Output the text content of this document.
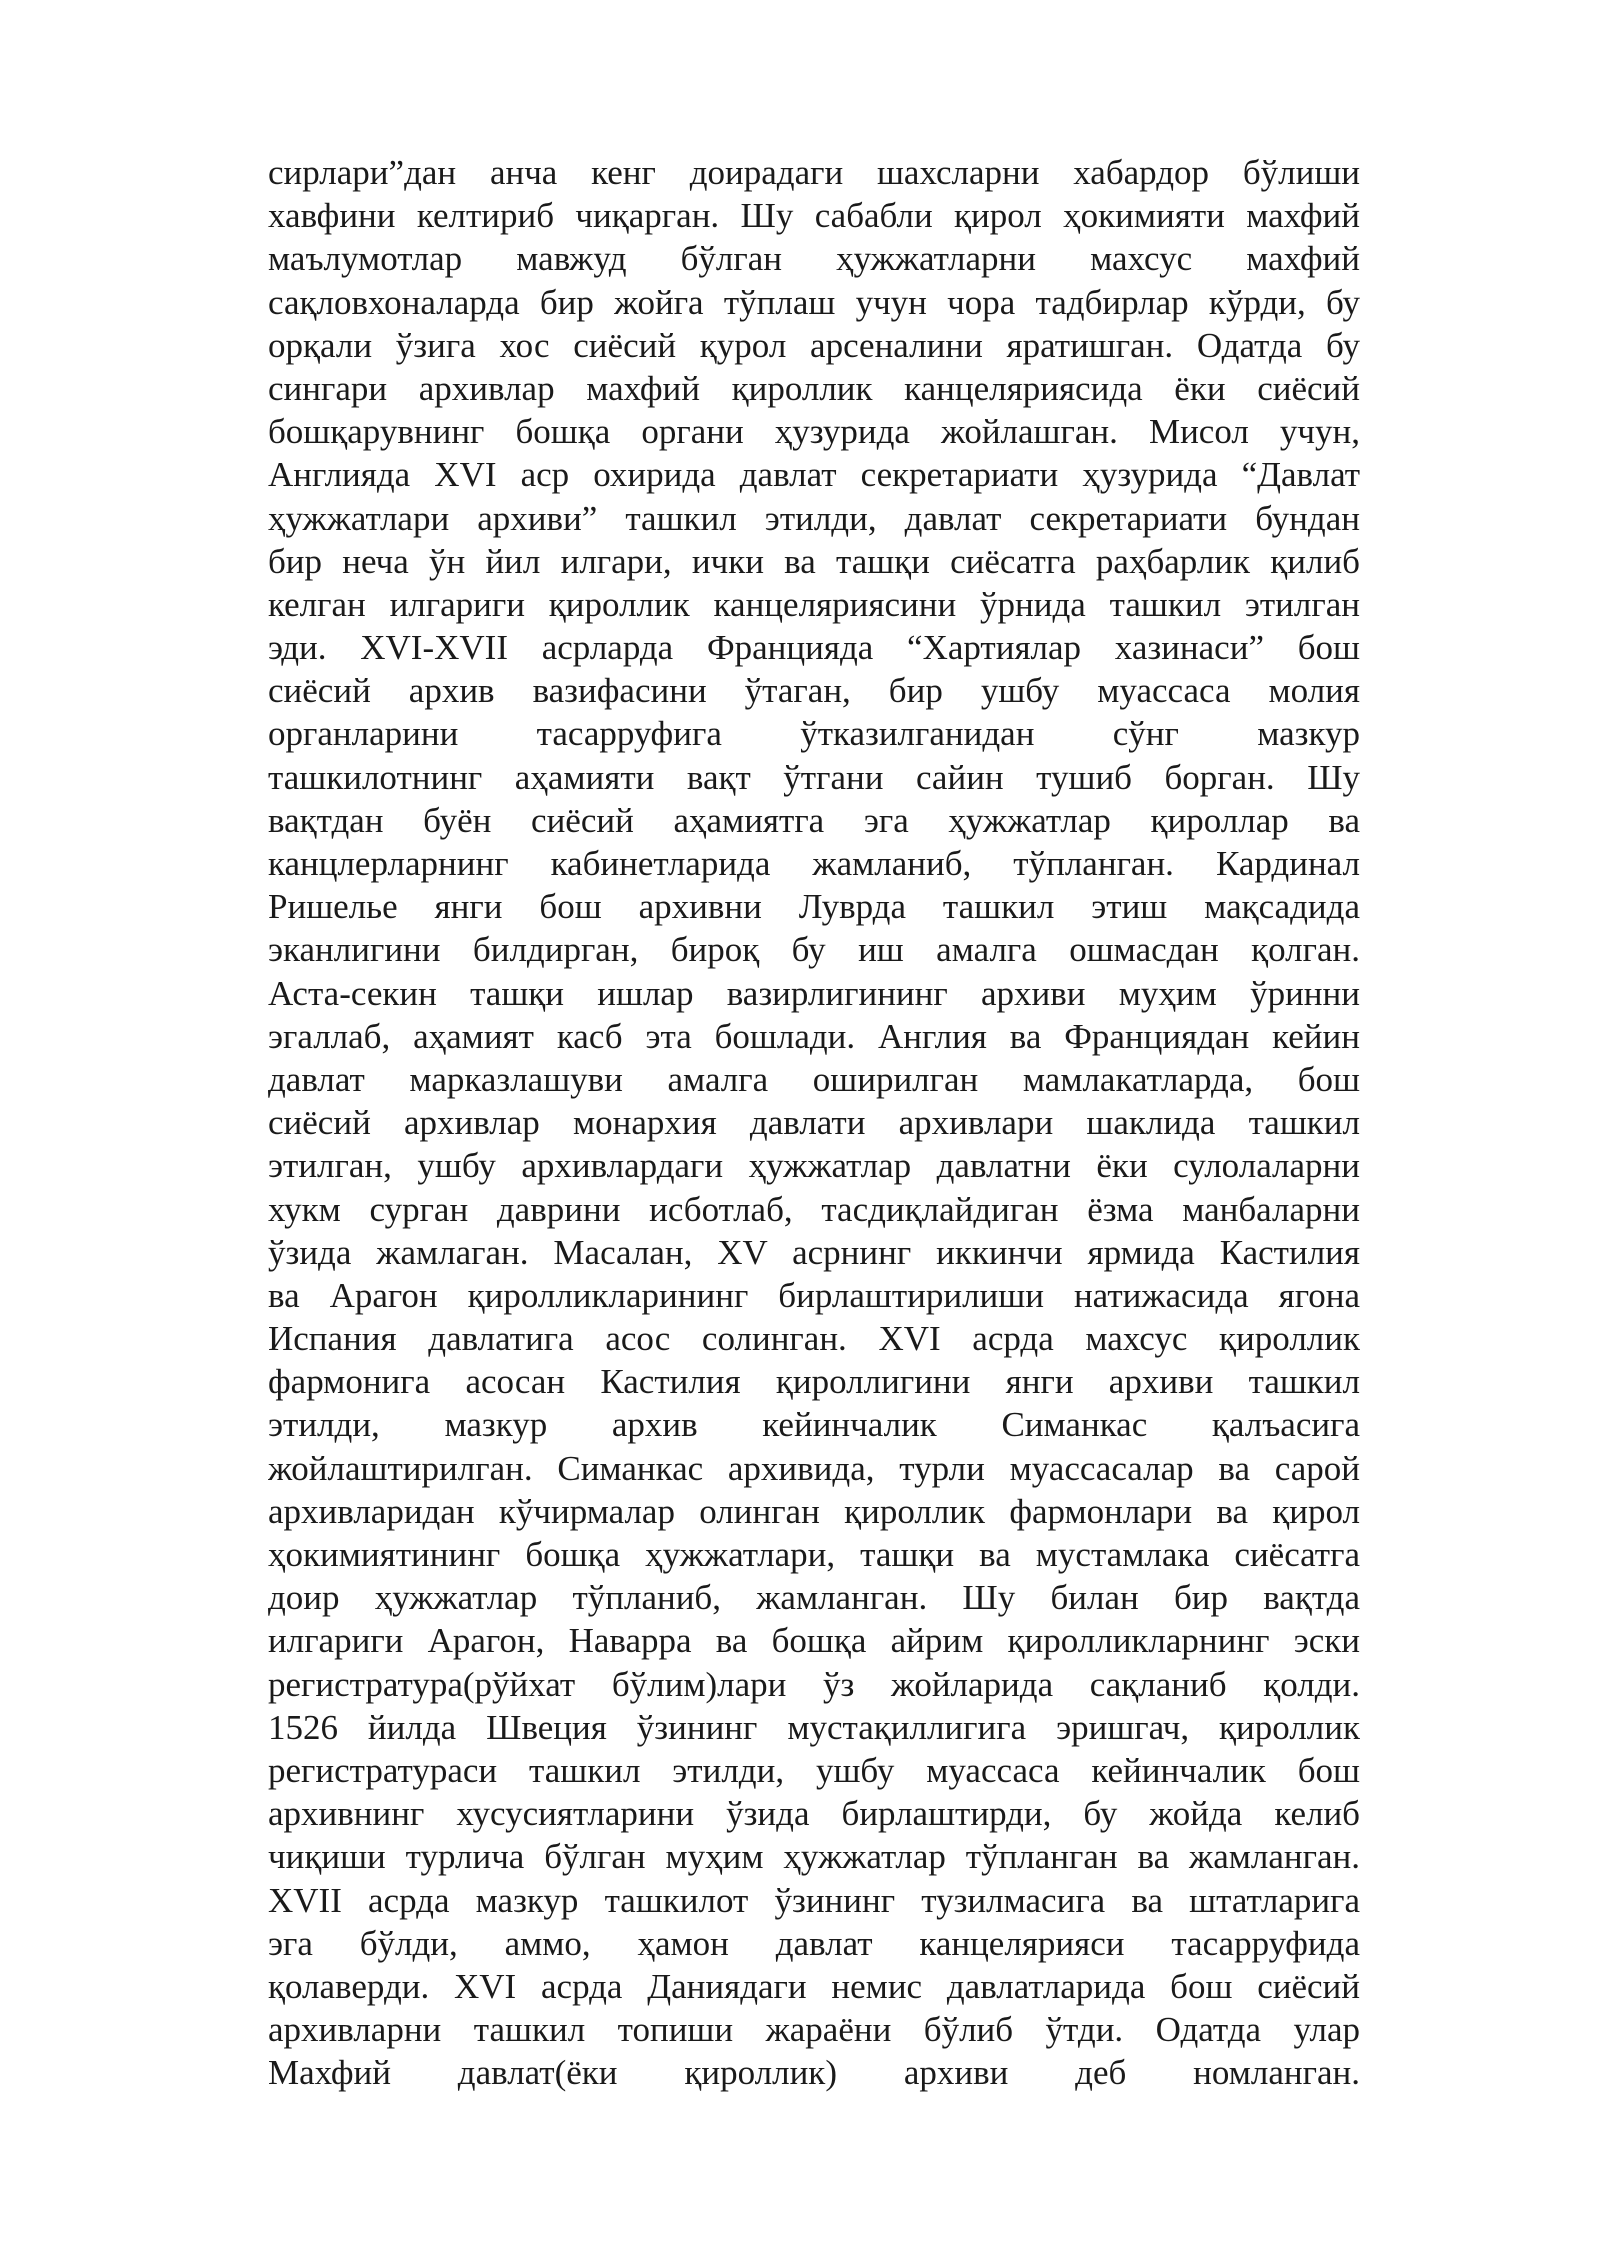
сирлари”дан анча кенг доирадаги шахсларни хабардор бўлиши
хавфини келтириб чиқарган. Шу сабабли қирол ҳокимияти махфий
маълумотлар мавжуд бўлган ҳужжатларни махсус махфий
сақловхоналарда бир жойга тўплаш учун чора тадбирлар кўрди, бу
орқали ўзига хос сиёсий қурол арсеналини яратишган. Одатда бу
сингари архивлар махфий қироллик канцеляриясида ёки сиёсий
бошқарувнинг бошқа органи ҳузурида жойлашган. Мисол учун,
Англияда XVI аср охирида давлат секретариати ҳузурида “Давлат
ҳужжатлари архиви” ташкил этилди, давлат секретариати бундан
бир неча ўн йил илгари, ички ва ташқи сиёсатга раҳбарлик қилиб
келган илгариги қироллик канцеляриясини ўрнида ташкил этилган
эди. XVI-XVII асрларда Францияда “Хартиялар хазинаси” бош
сиёсий архив вазифасини ўтаган, бир ушбу муассаса молия
органларини тасарруфига ўтказилганидан сўнг мазкур
ташкилотнинг аҳамияти вақт ўтгани сайин тушиб борган. Шу
вақтдан буён сиёсий аҳамиятга эга ҳужжатлар қироллар ва
канцлерларнинг кабинетларида жамланиб, тўпланган. Кардинал
Ришелье янги бош архивни Луврда ташкил этиш мақсадида
эканлигини билдирган, бироқ бу иш амалга ошмасдан қолган.
Аста-секин ташқи ишлар вазирлигининг архиви муҳим ўринни
эгаллаб, аҳамият касб эта бошлади. Англия ва Франциядан кейин
давлат марказлашуви амалга оширилган мамлакатларда, бош
сиёсий архивлар монархия давлати архивлари шаклида ташкил
этилган, ушбу архивлардаги ҳужжатлар давлатни ёки сулолаларни
хукм сурган даврини исботлаб, тасдиқлайдиган ёзма манбаларни
ўзида жамлаган. Масалан, XV асрнинг иккинчи ярмида Кастилия
ва Арагон қиролликларининг бирлаштирилиши натижасида ягона
Испания давлатига асос солинган. XVI асрда махсус қироллик
фармонига асосан Кастилия қироллигини янги архиви ташкил
этилди, мазкур архив кейинчалик Симанкас қалъасига
жойлаштирилган. Симанкас архивида, турли муассасалар ва сарой
архивларидан кўчирмалар олинган қироллик фармонлари ва қирол
ҳокимиятининг бошқа ҳужжатлари, ташқи ва мустамлака сиёсатга
доир ҳужжатлар тўпланиб, жамланган. Шу билан бир вақтда
илгариги Арагон, Наварра ва бошқа айрим қиролликларнинг эски
регистратура(рўйхат бўлим)лари ўз жойларида сақланиб қолди.
1526 йилда Швеция ўзининг мустақиллигига эришгач, қироллик
регистратураси ташкил этилди, ушбу муассаса кейинчалик бош
архивнинг хусусиятларини ўзида бирлаштирди, бу жойда келиб
чиқиши турлича бўлган муҳим ҳужжатлар тўпланган ва жамланган.
XVII асрда мазкур ташкилот ўзининг тузилмасига ва штатларига
эга бўлди, аммо, ҳамон давлат канцелярияси тасарруфида
қолаверди. XVI асрда Даниядаги немис давлатларида бош сиёсий
архивларни ташкил топиши жараёни бўлиб ўтди. Одатда улар
Махфий давлат(ёки қироллик) архиви деб номланган.
